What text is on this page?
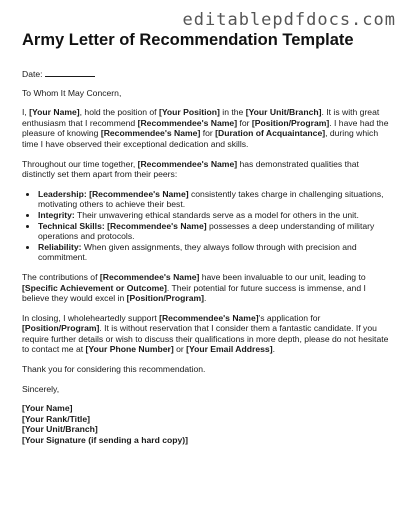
editablepdfdocs.com
Army Letter of Recommendation Template

Date:

To Whom It May Concern,

I, [Your Name], hold the position of [Your Position] in the [Your Unit/Branch]. It is with great enthusiasm that I recommend [Recommendee's Name] for [Position/Program]. I have had the pleasure of knowing [Recommendee's Name] for [Duration of Acquaintance], during which time I have observed their exceptional dedication and skills.

Throughout our time together, [Recommendee's Name] has demonstrated qualities that distinctly set them apart from their peers:

• Leadership: [Recommendee's Name] consistently takes charge in challenging situations, motivating others to achieve their best.
• Integrity: Their unwavering ethical standards serve as a model for others in the unit.
• Technical Skills: [Recommendee's Name] possesses a deep understanding of military operations and protocols.
• Reliability: When given assignments, they always follow through with precision and commitment.

The contributions of [Recommendee's Name] have been invaluable to our unit, leading to [Specific Achievement or Outcome]. Their potential for future success is immense, and I believe they would excel in [Position/Program].

In closing, I wholeheartedly support [Recommendee's Name]'s application for [Position/Program]. It is without reservation that I consider them a fantastic candidate. If you require further details or wish to discuss their qualifications in more depth, please do not hesitate to contact me at [Your Phone Number] or [Your Email Address].

Thank you for considering this recommendation.

Sincerely,

[Your Name]

[Your Rank/Title]

[Your Unit/Branch]

[Your Signature (if sending a hard copy)]
